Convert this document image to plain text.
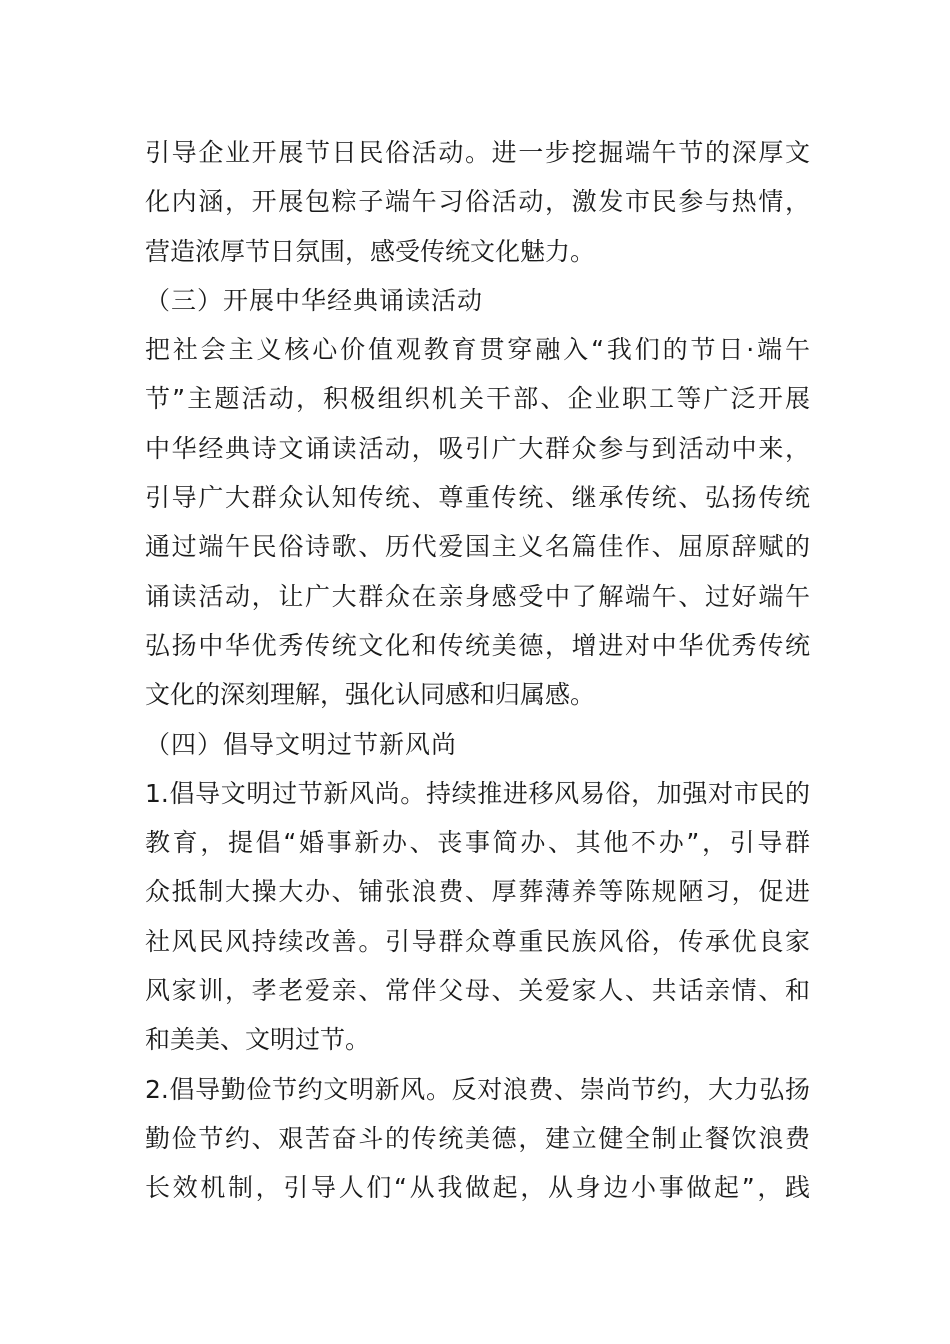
引导企业开展节日民俗活动。进一步挖掘端午节的深厚文
化内涵，开展包粽子端午习俗活动，激发市民参与热情，
营造浓厚节日氛围，感受传统文化魅力。
（三）开展中华经典诵读活动
把社会主义核心价值观教育贯穿融入“我们的节日·端午
节”主题活动，积极组织机关干部、企业职工等广泛开展
中华经典诗文诵读活动，吸引广大群众参与到活动中来，
引导广大群众认知传统、尊重传统、继承传统、弘扬传统
通过端午民俗诗歌、历代爱国主义名篇佳作、屈原辞赋的
诵读活动，让广大群众在亲身感受中了解端午、过好端午
弘扬中华优秀传统文化和传统美德，增进对中华优秀传统
文化的深刻理解，强化认同感和归属感。
（四）倡导文明过节新风尚
1.倡导文明过节新风尚。持续推进移风易俗，加强对市民的
教育，提倡“婚事新办、丧事简办、其他不办”，引导群
众抵制大操大办、铺张浪费、厚葬薄养等陈规陋习，促进
社风民风持续改善。引导群众尊重民族风俗，传承优良家
风家训，孝老爱亲、常伴父母、关爱家人、共话亲情、和
和美美、文明过节。
2.倡导勤俭节约文明新风。反对浪费、崇尚节约，大力弘扬
勤俭节约、艰苦奋斗的传统美德，建立健全制止餐饮浪费
长效机制，引导人们“从我做起，从身边小事做起”，践
